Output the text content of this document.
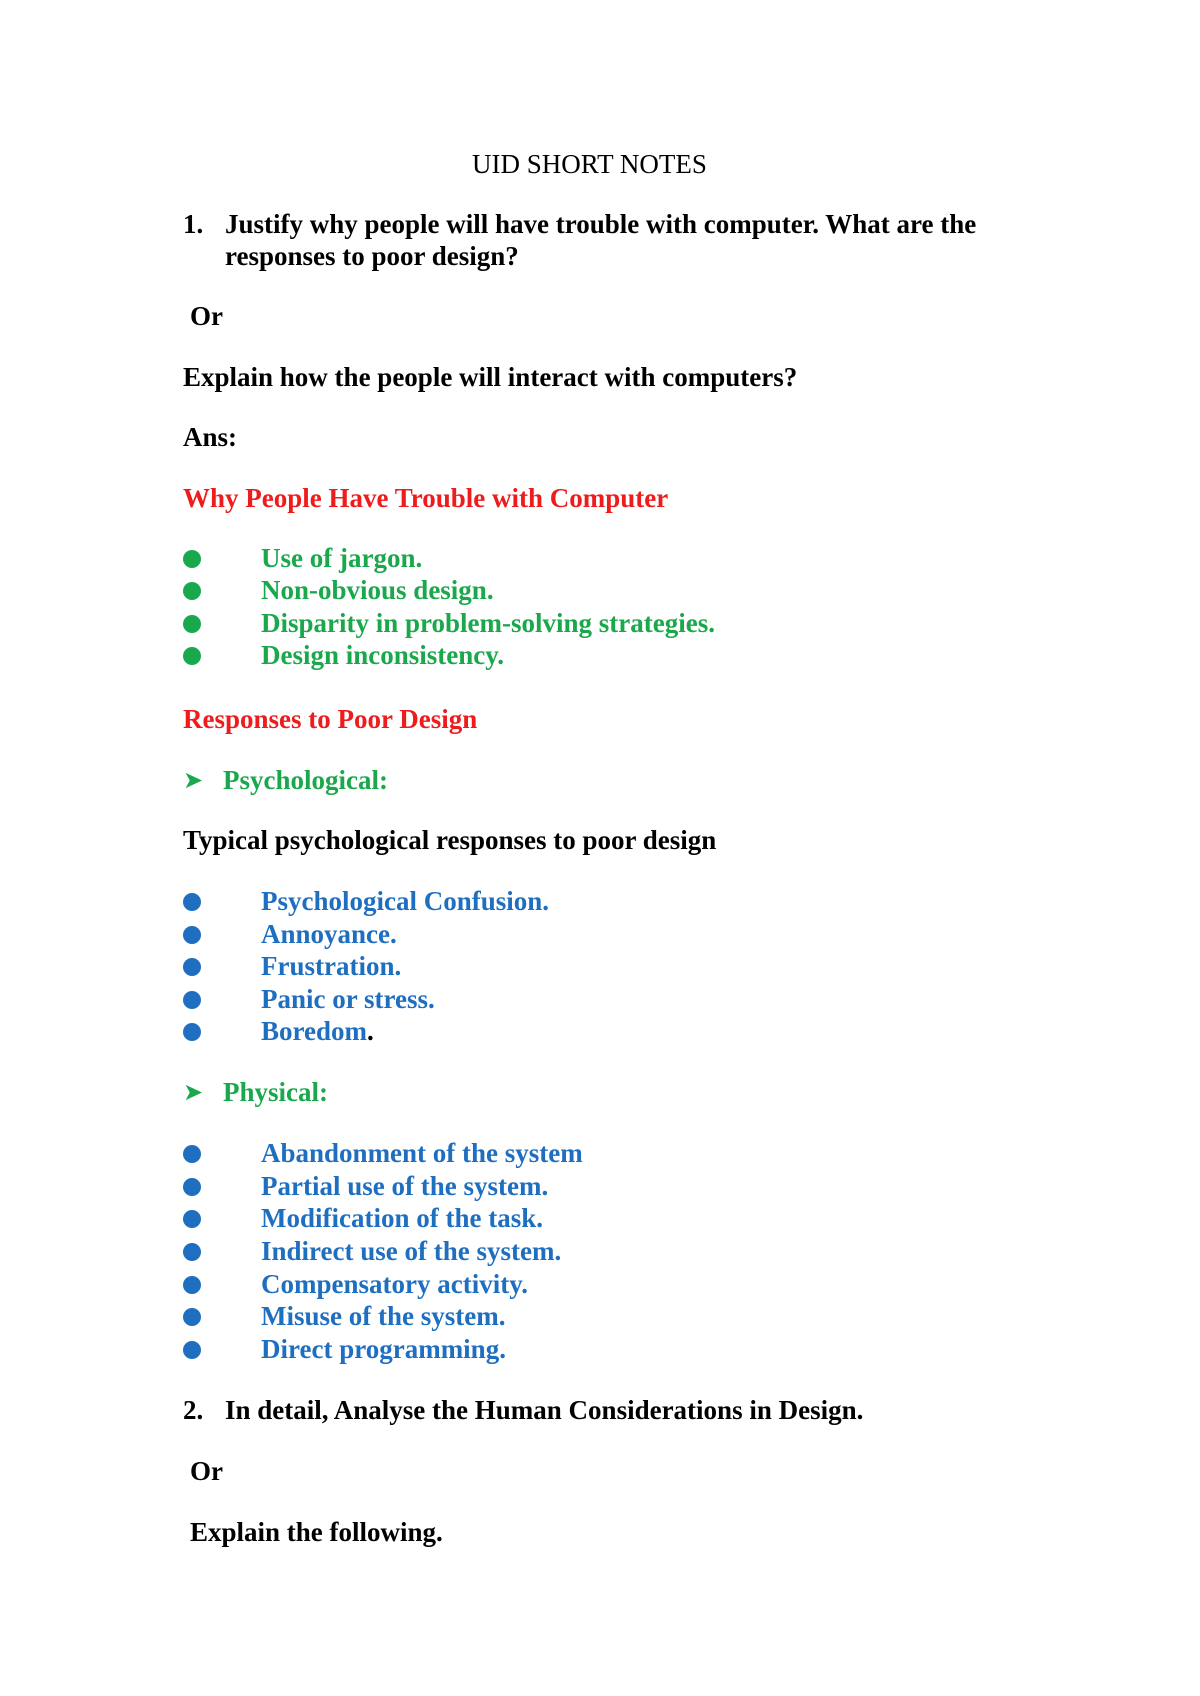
UID SHORT NOTES
1. Justify why people will have trouble with computer. What are the
responses to poor design?
Or
Explain how the people will interact with computers?
Ans:
Why People Have Trouble with Computer
Use of jargon.
Non-obvious design.
Disparity in problem-solving strategies.
Design inconsistency.
Responses to Poor Design
➤ Psychological:
Typical psychological responses to poor design
Psychological Confusion.
Annoyance.
Frustration.
Panic or stress.
Boredom.
➤ Physical:
Abandonment of the system
Partial use of the system.
Modification of the task.
Indirect use of the system.
Compensatory activity.
Misuse of the system.
Direct programming.
2. In detail, Analyse the Human Considerations in Design.
Or
Explain the following.
